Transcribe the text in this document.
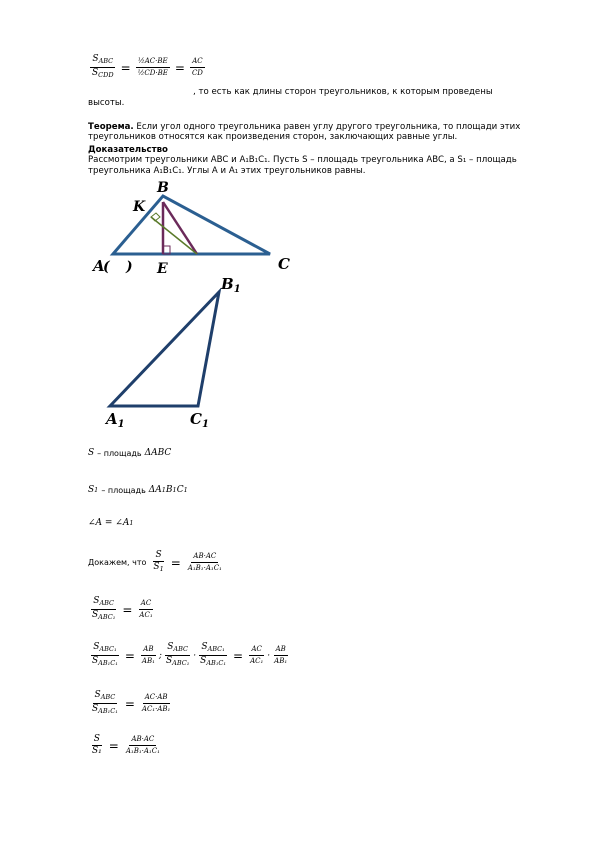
$\frac{S_{ABC}}{S_{CDD}} = \frac{\text{½AC·BE}}{\text{½CD·BE}} = \frac{AC}{CD}$
, то есть как длины сторон треугольников, к которым проведены
высоты.
Теорема. Если угол одного треугольника равен углу другого треугольника, то площади этих треугольников относятся как произведения сторон, заключающих равные углы.
Доказательство
Рассмотрим треугольники ABC и A₁B₁C₁. Пусть S – площадь треугольника ABC, а S₁ – площадь треугольника A₁B₁C₁. Углы A и A₁ этих треугольников равны.
B
K
A
( ) E	C
$B_1$
$A_1$	$C_1$
S – площадь ΔABC
S 1 – площадь ΔA 1 B 1 C 1
∠A = ∠A 1
Докажем, что $\frac{S}{S_1} = \frac{AB\cdot AC}{\text{A₁B₁·A₁C₁}}$
$\frac{S_{ABC}}{S_{ABC_1}} = \frac{AC}{\text{AC₁}}$
$\frac{S_{ABC_1}}{S_{AB_1C_1}} = \frac{AB}{\text{AB₁}}$ ; $\frac{S_{ABC}}{S_{ABC_1}} \cdot \frac{S_{ABC_1}}{S_{AB_1C_1}} = \frac{AC}{\text{AC₁}} \cdot \frac{AB}{\text{AB₁}}$
$\frac{S_{ABC}}{S_{AB_1C_1}} = \frac{AC\cdot AB}{\text{AC₁·AB₁}}$
$\frac{S}{\text{S₁}} = \frac{AB\cdot AC}{\text{A₁B₁·A₁C₁}}$
